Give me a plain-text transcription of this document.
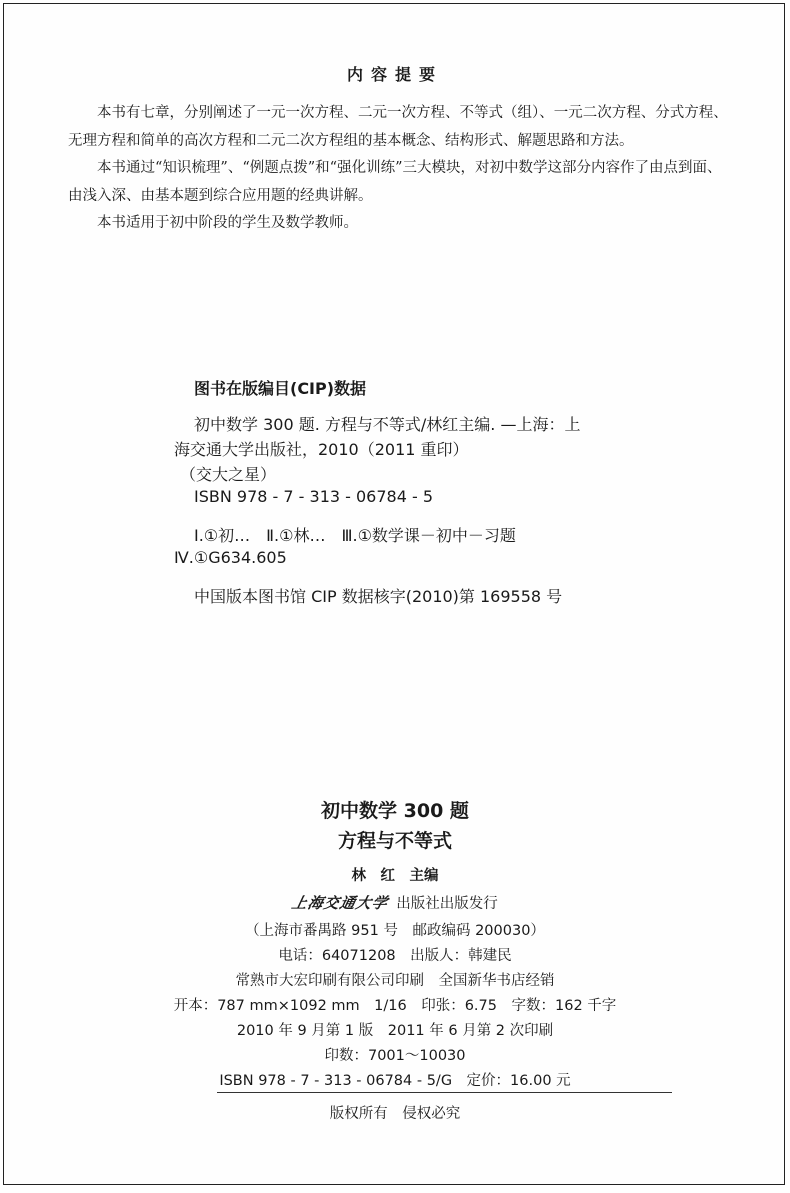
内容提要

本书有七章，分别阐述了一元一次方程、二元一次方程、不等式（组）、一元二次方程、分式方程、无理方程和简单的高次方程和二元二次方程组的基本概念、结构形式、解题思路和方法。

本书通过“知识梳理”、“例题点拨”和“强化训练”三大模块，对初中数学这部分内容作了由点到面、由浅入深、由基本题到综合应用题的经典讲解。

本书适用于初中阶段的学生及数学教师。

图书在版编目(CIP)数据
初中数学 300 题. 方程与不等式/林红主编. —上海：上
海交通大学出版社，2010（2011 重印）
（交大之星）
ISBN 978 - 7 - 313 - 06784 - 5
Ⅰ.①初…　Ⅱ.①林…　Ⅲ.①数学课－初中－习题
Ⅳ.①G634.605
中国版本图书馆 CIP 数据核字(2010)第 169558 号
初中数学 300 题
方程与不等式
林　红　主编
上海交通大学 出版社出版发行
（上海市番禺路 951 号　邮政编码 200030）
电话：64071208　出版人：韩建民
常熟市大宏印刷有限公司印刷　全国新华书店经销
开本：787 mm×1092 mm　1/16　印张：6.75　字数：162 千字
2010 年 9 月第 1 版　2011 年 6 月第 2 次印刷
印数：7001～10030
ISBN 978 - 7 - 313 - 06784 - 5/G　定价：16.00 元
版权所有　侵权必究
